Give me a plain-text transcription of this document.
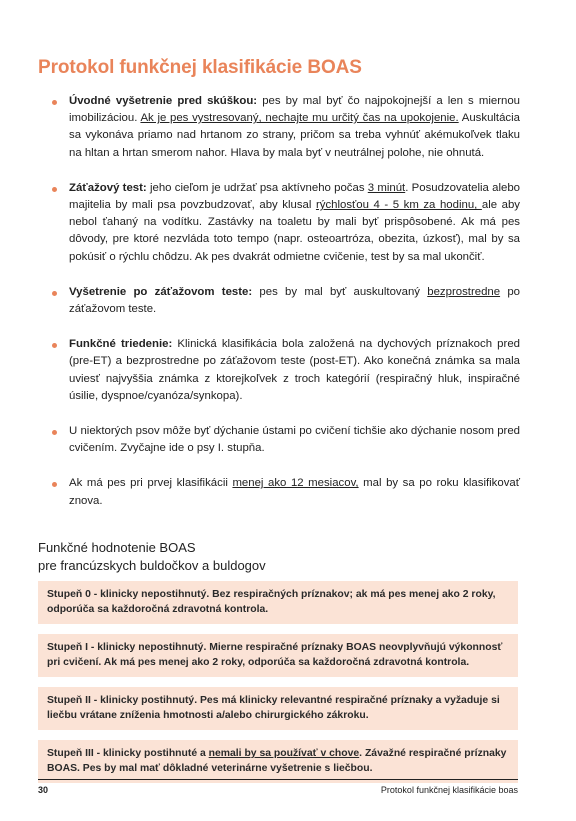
Protokol funkčnej klasifikácie BOAS
Úvodné vyšetrenie pred skúškou: pes by mal byť čo najpokojnejší a len s miernou imobilizáciou. Ak je pes vystresovaný, nechajte mu určitý čas na upokojenie. Auskultácia sa vykonáva priamo nad hrtanom zo strany, pričom sa treba vyhnúť akémukoľvek tlaku na hltan a hrtan smerom nahor. Hlava by mala byť v neutrálnej polohe, nie ohnutá.
Záťažový test: jeho cieľom je udržať psa aktívneho počas 3 minút. Posudzovatelia alebo majitelia by mali psa povzbudzovať, aby klusal rýchlosťou 4 - 5 km za hodinu, ale aby nebol ťahaný na vodítku. Zastávky na toaletu by mali byť prispôsobené. Ak má pes dôvody, pre ktoré nezvláda toto tempo (napr. osteoartróza, obezita, úzkosť), mal by sa pokúsiť o rýchlu chôdzu. Ak pes dvakrát odmietne cvičenie, test by sa mal ukončiť.
Vyšetrenie po záťažovom teste: pes by mal byť auskultovaný bezprostredne po záťažovom teste.
Funkčné triedenie: Klinická klasifikácia bola založená na dychových príznakoch pred (pre-ET) a bezprostredne po záťažovom teste (post-ET). Ako konečná známka sa mala uviesť najvyššia známka z ktorejkoľvek z troch kategórií (respiračný hluk, inspiračné úsilie, dyspnoe/cyanóza/synkopa).
U niektorých psov môže byť dýchanie ústami po cvičení tichšie ako dýchanie nosom pred cvičením. Zvyčajne ide o psy I. stupňa.
Ak má pes pri prvej klasifikácii menej ako 12 mesiacov, mal by sa po roku klasifikovať znova.
Funkčné hodnotenie BOAS
pre francúzskych buldočkov a buldogov
Stupeň 0 - klinicky nepostihnutý. Bez respiračných príznakov; ak má pes menej ako 2 roky, odporúča sa každoročná zdravotná kontrola.
Stupeň I - klinicky nepostihnutý. Mierne respiračné príznaky BOAS neovplyvňujú výkonnosť pri cvičení. Ak má pes menej ako 2 roky, odporúča sa každoročná zdravotná kontrola.
Stupeň II - klinicky postihnutý. Pes má klinicky relevantné respiračné príznaky a vyžaduje si liečbu vrátane zníženia hmotnosti a/alebo chirurgického zákroku.
Stupeň III - klinicky postihnuté a nemali by sa používať v chove. Závažné respiračné príznaky BOAS. Pes by mal mať dôkladné veterinárne vyšetrenie s liečbou.
30	Protokol funkčnej klasifikácie boas
